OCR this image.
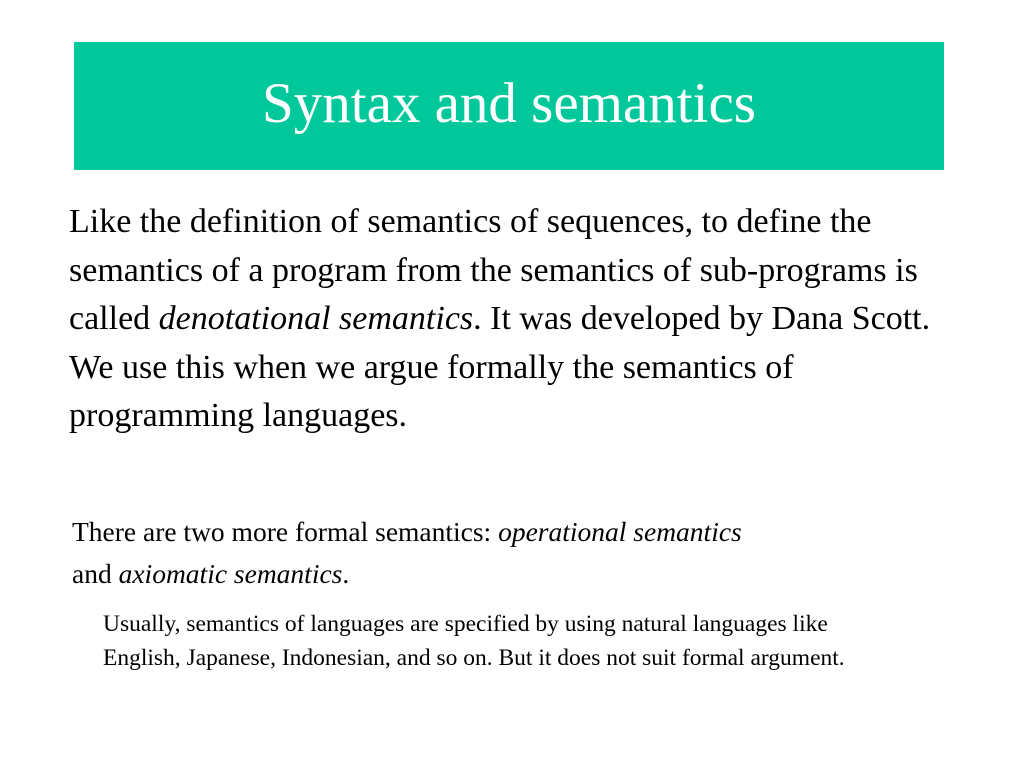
Syntax and semantics

Like the definition of semantics of sequences, to define the semantics of a program from the semantics of sub-programs is called denotational semantics. It was developed by Dana Scott. We use this when we argue formally the semantics of programming languages.

There are two more formal semantics: operational semantics
and axiomatic semantics.

Usually, semantics of languages are specified by using natural languages like English, Japanese, Indonesian, and so on. But it does not suit formal argument.
